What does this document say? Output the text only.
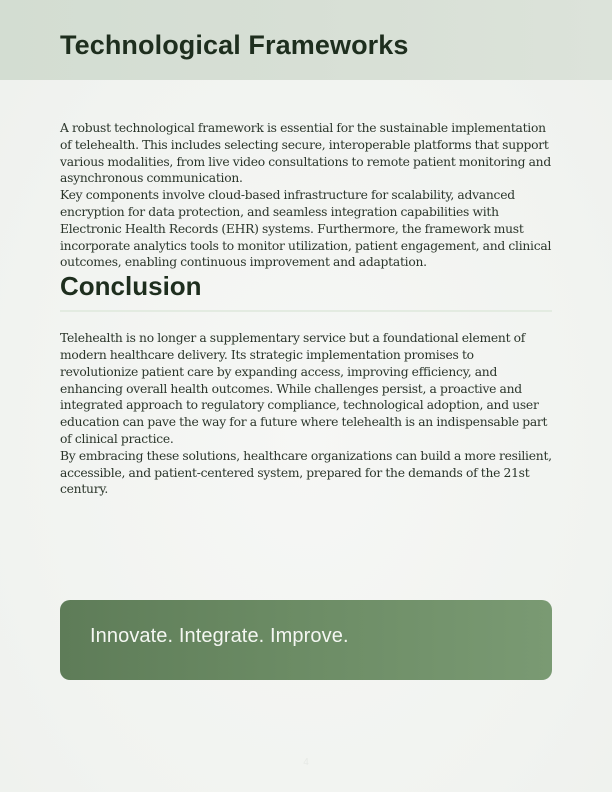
Technological Frameworks

A robust technological framework is essential for the sustainable implementation of telehealth. This includes selecting secure, interoperable platforms that support various modalities, from live video consultations to remote patient monitoring and asynchronous communication.

Key components involve cloud-based infrastructure for scalability, advanced encryption for data protection, and seamless integration capabilities with Electronic Health Records (EHR) systems. Furthermore, the framework must incorporate analytics tools to monitor utilization, patient engagement, and clinical outcomes, enabling continuous improvement and adaptation.

Conclusion

Telehealth is no longer a supplementary service but a foundational element of modern healthcare delivery. Its strategic implementation promises to revolutionize patient care by expanding access, improving efficiency, and enhancing overall health outcomes. While challenges persist, a proactive and integrated approach to regulatory compliance, technological adoption, and user education can pave the way for a future where telehealth is an indispensable part of clinical practice.

By embracing these solutions, healthcare organizations can build a more resilient, accessible, and patient-centered system, prepared for the demands of the 21st century.

Innovate. Integrate. Improve.

4
